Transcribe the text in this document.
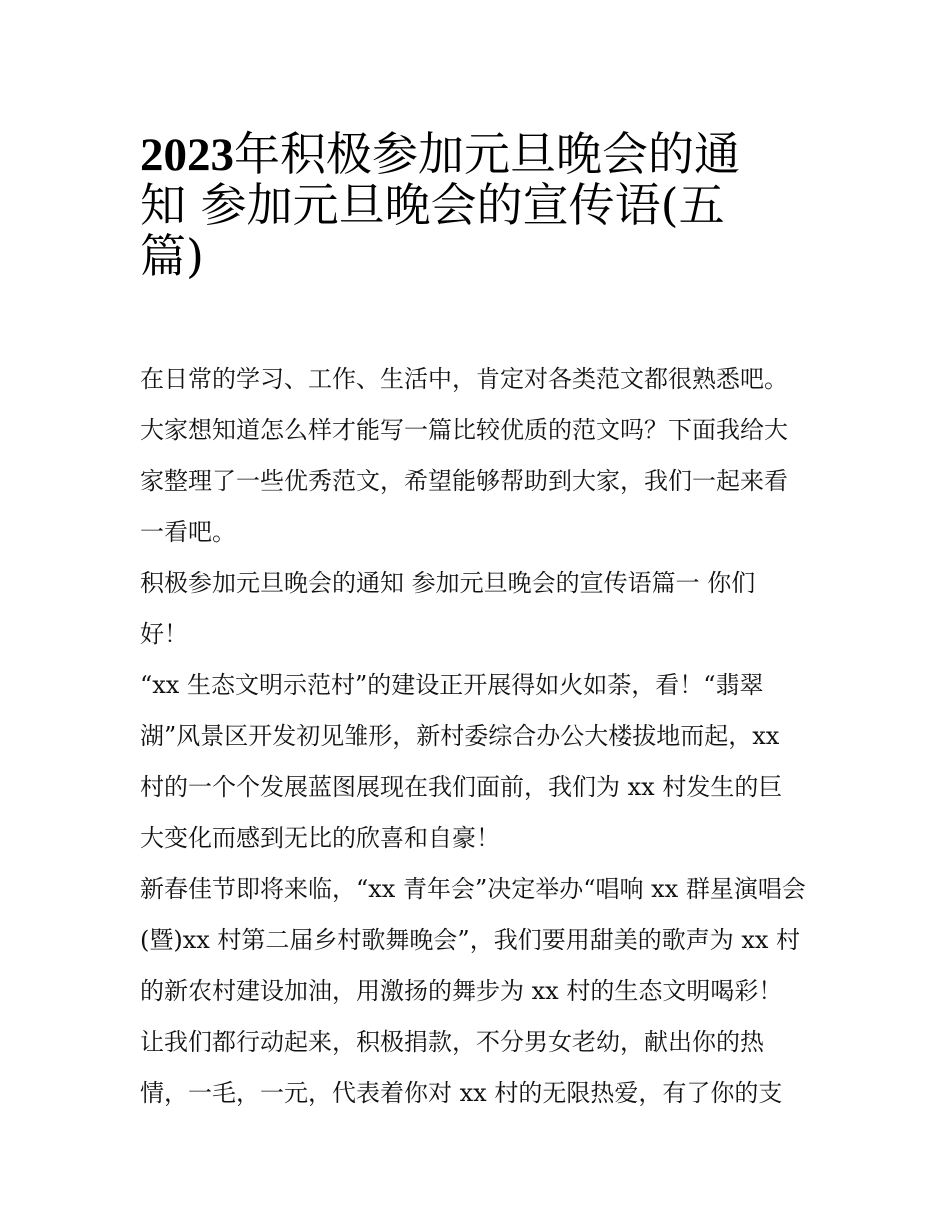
2023年积极参加元旦晚会的通
知 参加元旦晚会的宣传语(五
篇)
在日常的学习、工作、生活中，肯定对各类范文都很熟悉吧。
大家想知道怎么样才能写一篇比较优质的范文吗？下面我给大
家整理了一些优秀范文，希望能够帮助到大家，我们一起来看
一看吧。
积极参加元旦晚会的通知 参加元旦晚会的宣传语篇一 你们
好！
“xx 生态文明示范村”的建设正开展得如火如荼，看！“翡翠
湖”风景区开发初见雏形，新村委综合办公大楼拔地而起，xx
村的一个个发展蓝图展现在我们面前，我们为 xx 村发生的巨
大变化而感到无比的欣喜和自豪！
新春佳节即将来临，“xx 青年会”决定举办“唱响 xx 群星演唱会
(暨)xx 村第二届乡村歌舞晚会”，我们要用甜美的歌声为 xx 村
的新农村建设加油，用激扬的舞步为 xx 村的生态文明喝彩！
让我们都行动起来，积极捐款，不分男女老幼，献出你的热
情，一毛，一元，代表着你对 xx 村的无限热爱，有了你的支
